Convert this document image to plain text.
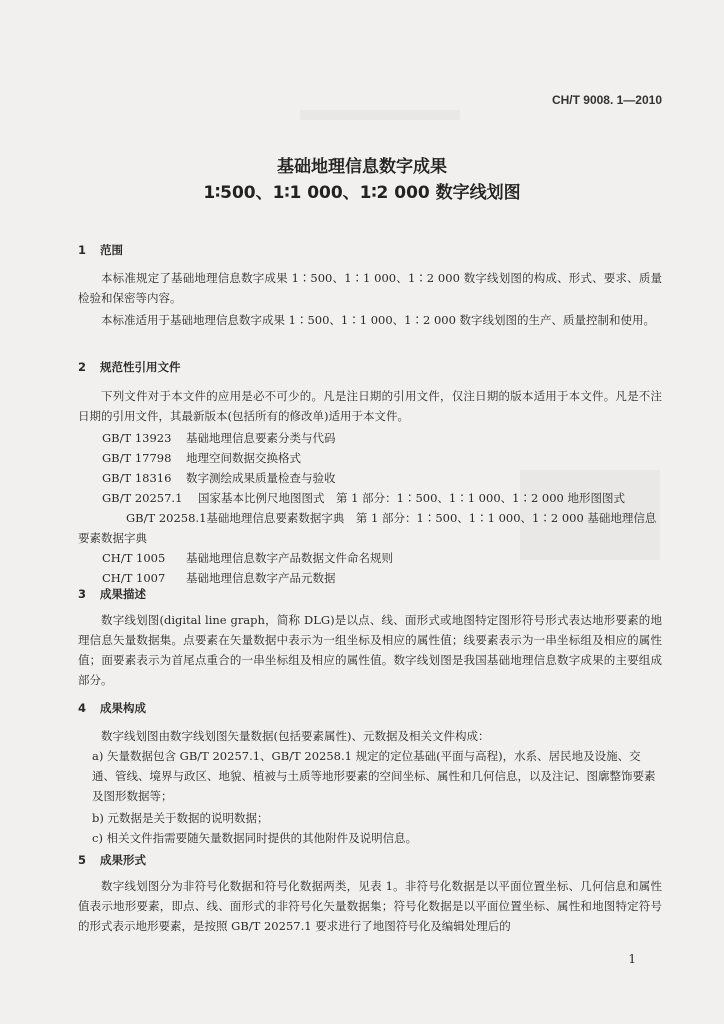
CH/T 9008. 1—2010
基础地理信息数字成果
1∶500、1∶1 000、1∶2 000 数字线划图
1 范围
本标准规定了基础地理信息数字成果 1∶500、1∶1 000、1∶2 000 数字线划图的构成、形式、要求、质量检验和保密等内容。
本标准适用于基础地理信息数字成果 1∶500、1∶1 000、1∶2 000 数字线划图的生产、质量控制和使用。
2 规范性引用文件
下列文件对于本文件的应用是必不可少的。凡是注日期的引用文件，仅注日期的版本适用于本文件。凡是不注日期的引用文件，其最新版本(包括所有的修改单)适用于本文件。
GB/T 13923 基础地理信息要素分类与代码
GB/T 17798 地理空间数据交换格式
GB/T 18316 数字测绘成果质量检查与验收
GB/T 20257.1 国家基本比例尺地图图式　第 1 部分：1∶500、1∶1 000、1∶2 000 地形图图式
GB/T 20258.1基础地理信息要素数据字典　第 1 部分：1∶500、1∶1 000、1∶2 000 基础地理信息要素数据字典
CH/T 1005 基础地理信息数字产品数据文件命名规则
CH/T 1007 基础地理信息数字产品元数据
3 成果描述
数字线划图(digital line graph，简称 DLG)是以点、线、面形式或地图特定图形符号形式表达地形要素的地理信息矢量数据集。点要素在矢量数据中表示为一组坐标及相应的属性值；线要素表示为一串坐标组及相应的属性值；面要素表示为首尾点重合的一串坐标组及相应的属性值。数字线划图是我国基础地理信息数字成果的主要组成部分。
4 成果构成
数字线划图由数字线划图矢量数据(包括要素属性)、元数据及相关文件构成：
a) 矢量数据包含 GB/T 20257.1、GB/T 20258.1 规定的定位基础(平面与高程)，水系、居民地及设施、交通、管线、境界与政区、地貌、植被与土质等地形要素的空间坐标、属性和几何信息，以及注记、图廓整饰要素及图形数据等；
b) 元数据是关于数据的说明数据；
c) 相关文件指需要随矢量数据同时提供的其他附件及说明信息。
5 成果形式
数字线划图分为非符号化数据和符号化数据两类，见表 1。非符号化数据是以平面位置坐标、几何信息和属性值表示地形要素，即点、线、面形式的非符号化矢量数据集；符号化数据是以平面位置坐标、属性和地图特定符号的形式表示地形要素，是按照 GB/T 20257.1 要求进行了地图符号化及编辑处理后的
1
